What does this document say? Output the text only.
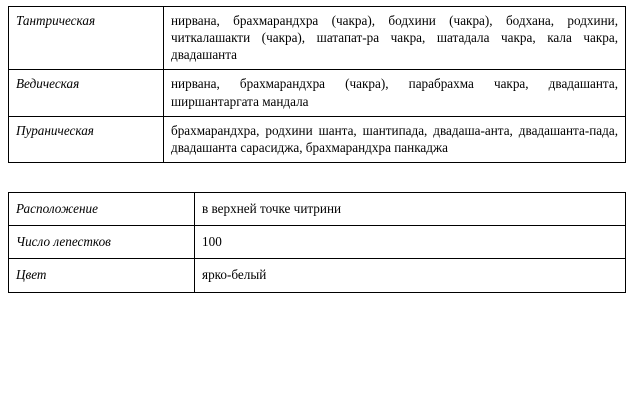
Тантрическая	нирвана, брахмарандхра (чакра), бодхини (чакра), бодхана, родхини, читкалашакти (чакра), шатапат-ра чакра, шатадала чакра, кала чакра, двадашанта
Ведическая	нирвана, брахмарандхра (чакра), парабрахма чакра, двадашанта, ширшантаргата мандала
Пураническая	брахмарандхра, родхини шанта, шантипада, двадаша-анта, двадашанта-пада, двадашанта сарасиджа, брахмарандхра панкаджа
Расположение	в верхней точке читрини
Число лепестков	100
Цвет	ярко-белый
